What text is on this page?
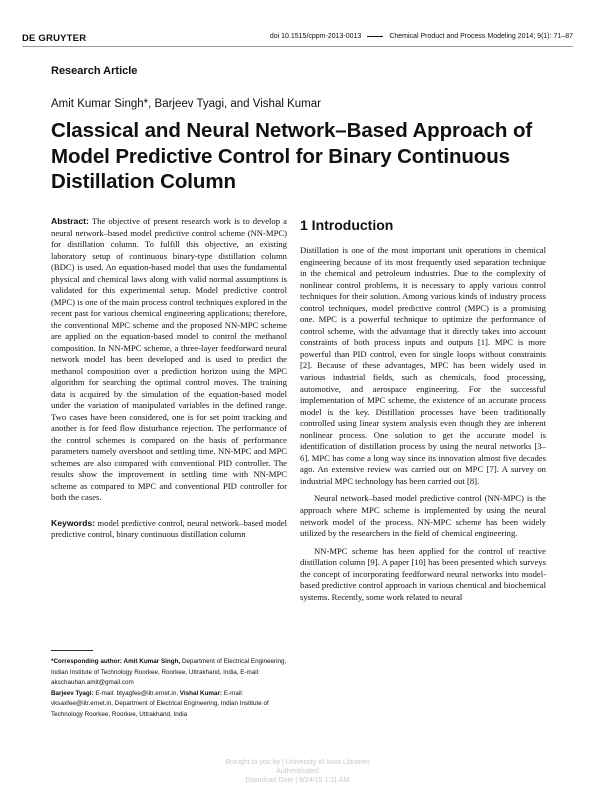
DE GRUYTER	doi 10.1515/cppm-2013-0013	Chemical Product and Process Modeling 2014; 9(1): 71–87
Research Article
Amit Kumar Singh*, Barjeev Tyagi, and Vishal Kumar
Classical and Neural Network–Based Approach of Model Predictive Control for Binary Continuous Distillation Column
Abstract: The objective of present research work is to develop a neural network–based model predictive control scheme (NN-MPC) for distillation column. To fulfill this objective, an existing laboratory setup of continuous binary-type distillation column (BDC) is used. An equation-based model that uses the fundamental physical and chemical laws along with valid normal assumptions is validated for this experimental setup. Model predictive control (MPC) is one of the main process control techniques explored in the recent past for various chemical engineering applications; therefore, the conventional MPC scheme and the proposed NN-MPC scheme are applied on the equation-based model to control the methanol composition. In NN-MPC scheme, a three-layer feedforward neural network model has been developed and is used to predict the methanol composition over a prediction horizon using the MPC algorithm for searching the optimal control moves. The training data is acquired by the simulation of the equation-based model under the variation of manipulated variables in the defined range. Two cases have been considered, one is for set point tracking and another is for feed flow disturbance rejection. The performance of the control schemes is compared on the basis of performance parameters namely overshoot and settling time. NN-MPC and MPC schemes are also compared with conventional PID controller. The results show the improvement in settling time with NN-MPC scheme as compared to MPC and conventional PID controller for both the cases.
Keywords: model predictive control, neural network–based model predictive control, binary continuous distillation column
*Corresponding author: Amit Kumar Singh, Department of Electrical Engineering, Indian Institute of Technology Roorkee, Roorkee, Uttrakhand, India, E-mail: akschauhan.amit@gmail.com
Barjeev Tyagi: E-mail: btyagfee@iitr.ernet.in, Vishal Kumar: E-mail: vksaxfee@iitr.ernet.in, Department of Electrical Engineering, Indian Institute of Technology Roorkee, Roorkee, Uttrakhand, India
1 Introduction

Distillation is one of the most important unit operations in chemical engineering because of its most frequently used separation technique in the chemical and petroleum industries. Due to the complexity of nonlinear control problems, it is necessary to apply various control techniques for their solution. Among various kinds of industry process control techniques, model predictive control (MPC) is a promising one. MPC is a powerful technique to optimize the performance of control scheme, with the advantage that it directly takes into account constraints of both process inputs and outputs [1]. MPC is more powerful than PID control, even for single loops without constraints [2]. Because of these advantages, MPC has been widely used in various industrial fields, such as chemicals, food processing, automotive, and aerospace engineering. For the successful implementation of MPC scheme, the existence of an accurate process model is the key. Distillation processes have been traditionally controlled using linear system analysis even though they are inherent nonlinear process. One solution to get the accurate model is identification of distillation process by using the neural networks [3–6]. MPC has come a long way since its innovation almost five decades ago. An extensive review was carried out on MPC [7]. A survey on industrial MPC technology has been carried out [8].

Neural network–based model predictive control (NN-MPC) is the approach where MPC scheme is implemented by using the neural network model of the process. NN-MPC scheme has been widely utilized by the researchers in the field of chemical engineering.

NN-MPC scheme has been applied for the control of reactive distillation column [9]. A paper [10] has been presented which surveys the concept of incorporating feedforward neural networks into model-based predictive control approach in various chemical and biochemical systems. Recently, some work related to neural

Brought to you by | University of Iowa Libraries
Authenticated
Download Date | 6/24/15 1:11 AM
